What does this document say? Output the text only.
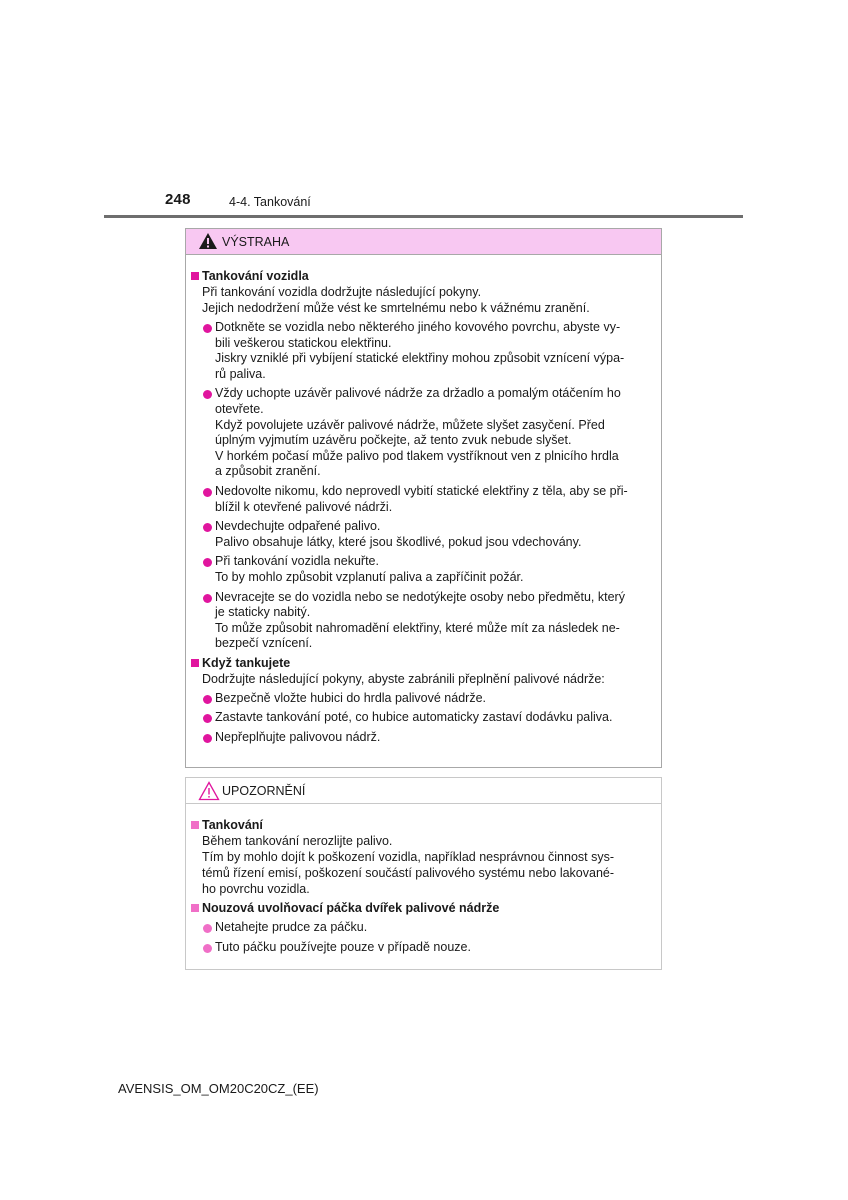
248	4-4. Tankování
VÝSTRAHA
Tankování vozidla
Při tankování vozidla dodržujte následující pokyny.
Jejich nedodržení může vést ke smrtelnému nebo k vážnému zranění.
Dotkněte se vozidla nebo některého jiného kovového povrchu, abyste vy-
bili veškerou statickou elektřinu.
Jiskry vzniklé při vybíjení statické elektřiny mohou způsobit vznícení výpa-
rů paliva.
Vždy uchopte uzávěr palivové nádrže za držadlo a pomalým otáčením ho
otevřete.
Když povolujete uzávěr palivové nádrže, můžete slyšet zasyčení. Před
úplným vyjmutím uzávěru počkejte, až tento zvuk nebude slyšet.
V horkém počasí může palivo pod tlakem vystříknout ven z plnicího hrdla
a způsobit zranění.
Nedovolte nikomu, kdo neprovedl vybití statické elektřiny z těla, aby se při-
blížil k otevřené palivové nádrži.
Nevdechujte odpařené palivo.
Palivo obsahuje látky, které jsou škodlivé, pokud jsou vdechovány.
Při tankování vozidla nekuřte.
To by mohlo způsobit vzplanutí paliva a zapříčinit požár.
Nevracejte se do vozidla nebo se nedotýkejte osoby nebo předmětu, který
je staticky nabitý.
To může způsobit nahromadění elektřiny, které může mít za následek ne-
bezpečí vznícení.
Když tankujete
Dodržujte následující pokyny, abyste zabránili přeplnění palivové nádrže:
Bezpečně vložte hubici do hrdla palivové nádrže.
Zastavte tankování poté, co hubice automaticky zastaví dodávku paliva.
Nepřeplňujte palivovou nádrž.
UPOZORNĚNÍ
Tankování
Během tankování nerozlijte palivo.
Tím by mohlo dojít k poškození vozidla, například nesprávnou činnost sys-
témů řízení emisí, poškození součástí palivového systému nebo lakované-
ho povrchu vozidla.
Nouzová uvolňovací páčka dvířek palivové nádrže
Netahejte prudce za páčku.
Tuto páčku používejte pouze v případě nouze.
AVENSIS_OM_OM20C20CZ_(EE)
